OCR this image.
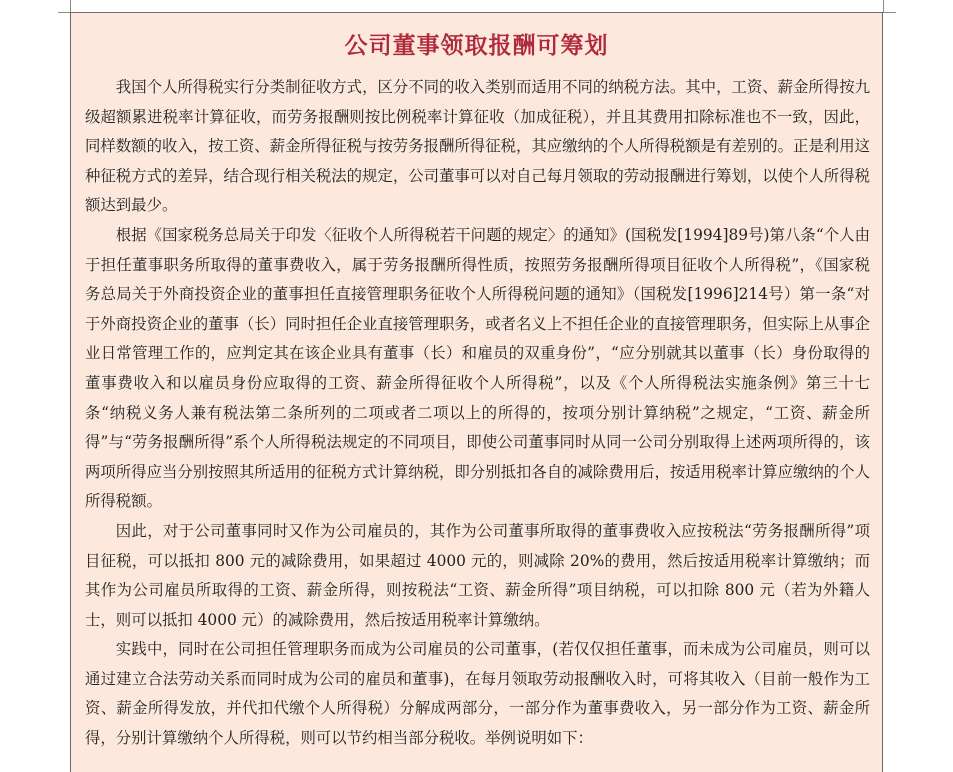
公司董事领取报酬可筹划

我国个人所得税实行分类制征收方式，区分不同的收入类别而适用不同的纳税方法。其中，工资、薪金所得按九级超额累进税率计算征收，而劳务报酬则按比例税率计算征收（加成征税），并且其费用扣除标准也不一致，因此，同样数额的收入，按工资、薪金所得征税与按劳务报酬所得征税，其应缴纳的个人所得税额是有差别的。正是利用这种征税方式的差异，结合现行相关税法的规定，公司董事可以对自己每月领取的劳动报酬进行筹划，以使个人所得税额达到最少。

根据《国家税务总局关于印发〈征收个人所得税若干问题的规定〉的通知》(国税发[1994]89号)第八条“个人由于担任董事职务所取得的董事费收入，属于劳务报酬所得性质，按照劳务报酬所得项目征收个人所得税”，《国家税务总局关于外商投资企业的董事担任直接管理职务征收个人所得税问题的通知》（国税发[1996]214号）第一条“对于外商投资企业的董事（长）同时担任企业直接管理职务，或者名义上不担任企业的直接管理职务，但实际上从事企业日常管理工作的，应判定其在该企业具有董事（长）和雇员的双重身份”，“应分别就其以董事（长）身份取得的董事费收入和以雇员身份应取得的工资、薪金所得征收个人所得税”，以及《个人所得税法实施条例》第三十七条“纳税义务人兼有税法第二条所列的二项或者二项以上的所得的，按项分别计算纳税”之规定，“工资、薪金所得”与“劳务报酬所得”系个人所得税法规定的不同项目，即使公司董事同时从同一公司分别取得上述两项所得的，该两项所得应当分别按照其所适用的征税方式计算纳税，即分别抵扣各自的减除费用后，按适用税率计算应缴纳的个人所得税额。

因此，对于公司董事同时又作为公司雇员的，其作为公司董事所取得的董事费收入应按税法“劳务报酬所得”项目征税，可以抵扣 800 元的减除费用，如果超过 4000 元的，则减除 20%的费用，然后按适用税率计算缴纳；而其作为公司雇员所取得的工资、薪金所得，则按税法“工资、薪金所得”项目纳税，可以扣除 800 元（若为外籍人士，则可以抵扣 4000 元）的减除费用，然后按适用税率计算缴纳。

实践中，同时在公司担任管理职务而成为公司雇员的公司董事，(若仅仅担任董事，而未成为公司雇员，则可以通过建立合法劳动关系而同时成为公司的雇员和董事)，在每月领取劳动报酬收入时，可将其收入（目前一般作为工资、薪金所得发放，并代扣代缴个人所得税）分解成两部分，一部分作为董事费收入，另一部分作为工资、薪金所得，分别计算缴纳个人所得税，则可以节约相当部分税收。举例说明如下：
